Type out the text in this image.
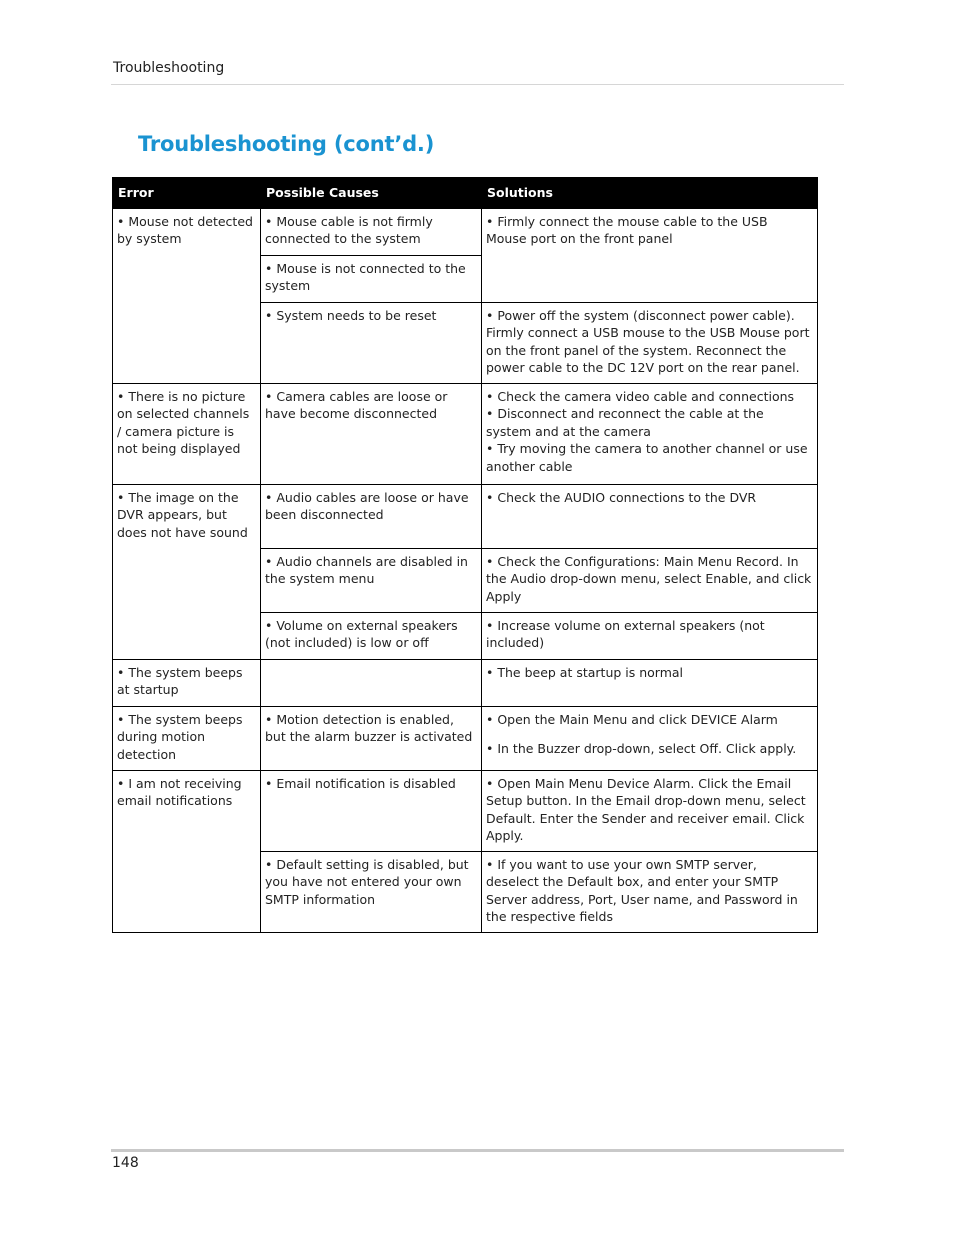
Troubleshooting
Troubleshooting (cont’d.)
Error	Possible Causes	Solutions
• Mouse not detected by system	• Mouse cable is not firmly connected to the system	• Firmly connect the mouse cable to the USB Mouse port on the front panel
	• Mouse is not connected to the system	
	• System needs to be reset	• Power off the system (disconnect power cable). Firmly connect a USB mouse to the USB Mouse port on the front panel of the system. Reconnect the power cable to the DC 12V port on the rear panel.
• There is no picture on selected channels / camera picture is not being displayed	• Camera cables are loose or have become disconnected	• Check the camera video cable and connections
• Disconnect and reconnect the cable at the system and at the camera
• Try moving the camera to another channel or use another cable

• The image on the DVR appears, but does not have sound	• Audio cables are loose or have been disconnected	• Check the AUDIO connections to the DVR
	• Audio channels are disabled in the system menu	• Check the Configurations: Main Menu Record. In the Audio drop-down menu, select Enable, and click Apply
	• Volume on external speakers (not included) is low or off	• Increase volume on external speakers (not included)
• The system beeps at startup		• The beep at startup is normal
• The system beeps during motion detection	• Motion detection is enabled, but the alarm buzzer is activated	• Open the Main Menu and click DEVICE Alarm
• In the Buzzer drop-down, select Off. Click apply.

• I am not receiving email notifications	• Email notification is disabled	• Open Main Menu Device Alarm. Click the Email Setup button. In the Email drop-down menu, select Default. Enter the Sender and receiver email. Click Apply.
	• Default setting is disabled, but you have not entered your own SMTP information	• If you want to use your own SMTP server, deselect the Default box, and enter your SMTP Server address, Port, User name, and Password in the respective fields
148
